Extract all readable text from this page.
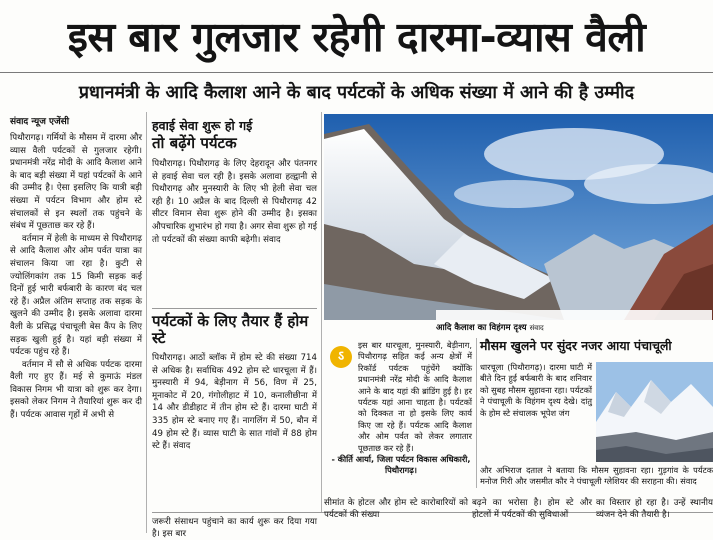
इस बार गुलजार रहेगी दारमा-व्यास वैली
प्रधानमंत्री के आदि कैलाश आने के बाद पर्यटकों के अधिक संख्या में आने की है उम्मीद
संवाद न्यूज एजेंसी

पिथौरागढ़। गर्मियों के मौसम में दारमा और व्यास वैली पर्यटकों से गुलजार रहेगी। प्रधानमंत्री नरेंद्र मोदी के आदि कैलाश आने के बाद बड़ी संख्या में यहां पर्यटकों के आने की उम्मीद है। ऐसा इसलिए कि यात्री बड़ी संख्या में पर्यटन विभाग और होम स्टे संचालकों से इन स्थलों तक पहुंचने के संबंध में पूछताछ कर रहे हैं।

वर्तमान में हेली के माध्यम से पिथौरागढ़ से आदि कैलाश और ओम पर्वत यात्रा का संचालन किया जा रहा है। कुटी से ज्योलिंगकांग तक 15 किमी सड़क कई दिनों हुई भारी बर्फबारी के कारण बंद चल रहे हैं। अप्रैल अंतिम सप्ताह तक सड़क के खुलने की उम्मीद है। इसके अलावा दारमा वैली के प्रसिद्ध पंचाचूली बेस कैंप के लिए सड़क खुली हुई है। यहां बड़ी संख्या में पर्यटक पहुंच रहे हैं।

वर्तमान में सौ से अधिक पर्यटक दारमा वैली गए हुए हैं। मई से कुमाऊं मंडल विकास निगम भी यात्रा को शुरू कर देगा। इसको लेकर निगम ने तैयारियां शुरू कर दी हैं। पर्यटक आवास गृहों में अभी से

हवाई सेवा शुरू हो गई
तो बढ़ेंगे पर्यटक
पिथौरागढ़। पिथौरागढ़ के लिए देहरादून और पंतनगर से हवाई सेवा चल रही है। इसके अलावा हल्द्वानी से पिथौरागढ़ और मुनस्यारी के लिए भी हेली सेवा चल रही है। 10 अप्रैल के बाद दिल्ली से पिथौरागढ़ 42 सीटर विमान सेवा शुरू होने की उम्मीद है। इसका औपचारिक शुभारंभ हो गया है। अगर सेवा शुरू हो गई तो पर्यटकों की संख्या काफी बढ़ेगी। संवाद
पर्यटकों के लिए तैयार हैं होम स्टे
पिथौरागढ़। आठों ब्लॉक में होम स्टे की संख्या 714 से अधिक है। सर्वाधिक 492 होम स्टे धारचूला में हैं। मुनस्यारी में 94, बेड़ीनाग में 56, विण में 25, मूनाकोट में 20, गंगोलीहाट में 10, कनालीछीना में 14 और डीडीहाट में तीन होम स्टे हैं। दारमा घाटी में 335 होम स्टे बनाए गए हैं। नागलिंग में 50, बौन में 49 होम स्टे हैं। व्यास घाटी के सात गांवों में 88 होम स्टे हैं। संवाद
आदि कैलाश का विहंगम दृश्य संवाद
ऽ
इस बार धारचूला, मुनस्यारी, बेड़ीनाग, पिथौरागढ़ सहित कई अन्य क्षेत्रों में रिकॉर्ड पर्यटक पहुंचेंगे क्योंकि प्रधानमंत्री नरेंद्र मोदी के आदि कैलाश आने के बाद यहां की ब्रांडिंग हुई है। हर पर्यटक यहां आना चाहता है। पर्यटकों को दिक्कत ना हो इसके लिए कार्य किए जा रहे हैं। पर्यटक आदि कैलाश और ओम पर्वत को लेकर लगातार पूछताछ कर रहे हैं।
- कीर्ति आर्या, जिला पर्यटन विकास अधिकारी, पिथौरागढ़।
मौसम खुलने पर सुंदर नजर आया पंचाचूली
धारचूला (पिथौरागढ़)। दारमा घाटी में बीते दिन हुई बर्फबारी के बाद शनिवार को सुबह मौसम सुहावना रहा। पर्यटकों ने पंचाचूली के विहंगम दृश्य देखे। दांतु के होम स्टे संचालक भूपेश जंग
और अभिराज दताल ने बताया कि मौसम सुहावना रहा। गुड़गांव के पर्यटक मनोज गिरी और जसमीत कौर ने पंचाचूली ग्लेशियर की सराहना की। संवाद
जरूरी संसाधन पहुंचाने का कार्य शुरू कर दिया गया है। इस बार
सीमांत के होटल और होम स्टे कारोबारियों को पर्यटकों की संख्या
बढ़ने का भरोसा है। होम स्टे और होटलों में पर्यटकों की सुविधाओं
का विस्तार हो रहा है। उन्हें स्थानीय व्यंजन देने की तैयारी है।
